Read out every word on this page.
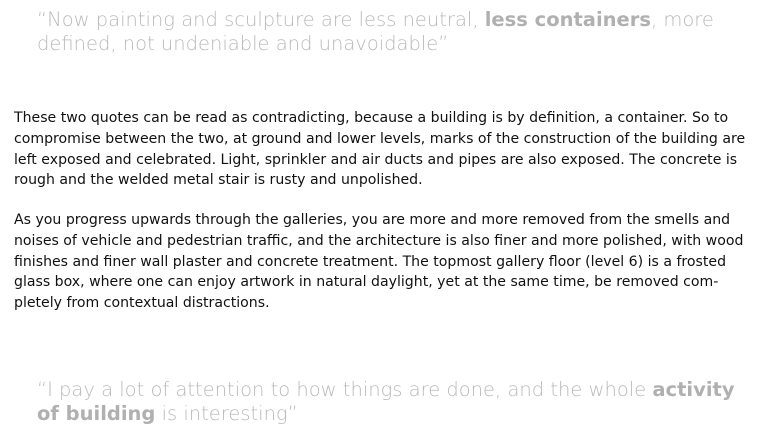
“Now painting and sculpture are less neutral, less containers, more
defined, not undeniable and unavoidable”

These two quotes can be read as contradicting, because a building is by definition, a container. So to
compromise between the two, at ground and lower levels, marks of the construction of the building are
left exposed and celebrated. Light, sprinkler and air ducts and pipes are also exposed. The concrete is
rough and the welded metal stair is rusty and unpolished.

As you progress upwards through the galleries, you are more and more removed from the smells and
noises of vehicle and pedestrian traffic, and the architecture is also finer and more polished, with wood
finishes and finer wall plaster and concrete treatment. The topmost gallery floor (level 6) is a frosted
glass box, where one can enjoy artwork in natural daylight, yet at the same time, be removed com-
pletely from contextual distractions.

“I pay a lot of attention to how things are done, and the whole activity
of building is interesting”
